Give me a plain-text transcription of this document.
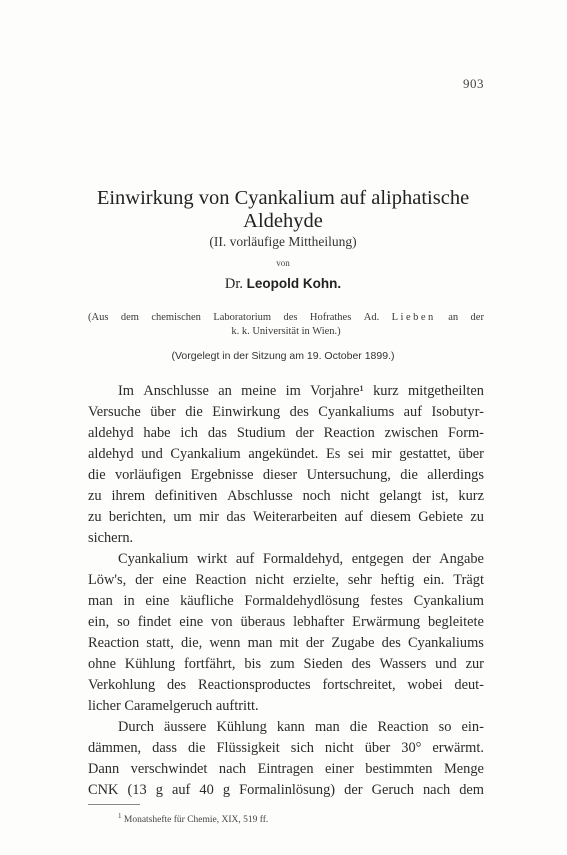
903
Einwirkung von Cyankalium auf aliphatische
Aldehyde
(II. vorläufige Mittheilung)
von
Dr. Leopold Kohn.
(Aus dem chemischen Laboratorium des Hofrathes Ad. Lieben an der
k. k. Universität in Wien.)
(Vorgelegt in der Sitzung am 19. October 1899.)
Im Anschlusse an meine im Vorjahre¹ kurz mitgetheilten
Versuche über die Einwirkung des Cyankaliums auf Isobutyr-
aldehyd habe ich das Studium der Reaction zwischen Form-
aldehyd und Cyankalium angekündet. Es sei mir gestattet, über
die vorläufigen Ergebnisse dieser Untersuchung, die allerdings
zu ihrem definitiven Abschlusse noch nicht gelangt ist, kurz
zu berichten, um mir das Weiterarbeiten auf diesem Gebiete zu
sichern.
Cyankalium wirkt auf Formaldehyd, entgegen der Angabe
Löw's, der eine Reaction nicht erzielte, sehr heftig ein. Trägt
man in eine käufliche Formaldehydlösung festes Cyankalium
ein, so findet eine von überaus lebhafter Erwärmung begleitete
Reaction statt, die, wenn man mit der Zugabe des Cyankaliums
ohne Kühlung fortfährt, bis zum Sieden des Wassers und zur
Verkohlung des Reactionsproductes fortschreitet, wobei deut-
licher Caramelgeruch auftritt.
Durch äussere Kühlung kann man die Reaction so ein-
dämmen, dass die Flüssigkeit sich nicht über 30° erwärmt.
Dann verschwindet nach Eintragen einer bestimmten Menge
CNK (13 g auf 40 g Formalinlösung) der Geruch nach dem
$^1$ Monatshefte für Chemie, XIX, 519 ff.
